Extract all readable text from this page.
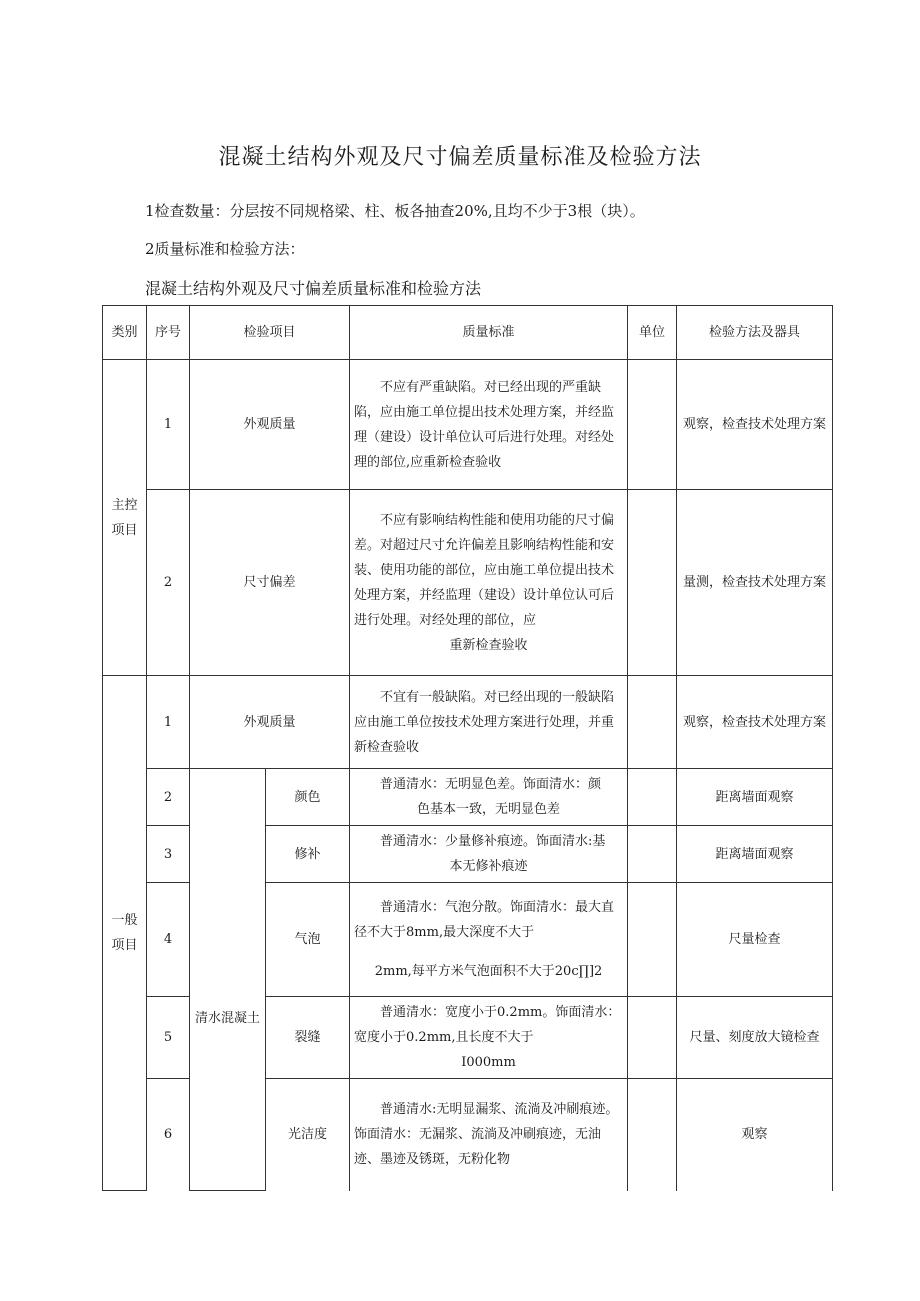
混凝土结构外观及尺寸偏差质量标准及检验方法
1检查数量：分层按不同规格梁、柱、板各抽查20%,且均不少于3根（块）。
2质量标准和检验方法：
混凝土结构外观及尺寸偏差质量标准和检验方法
类别	序号	检验项目		质量标准	单位	检验方法及器具
主控项目	1	外观质量		不应有严重缺陷。对已经出现的严重缺陷，应由施工单位提出技术处理方案，并经监理（建设）设计单位认可后进行处理。对经处理的部位,应重新检查验收		观察，检查技术处理方案
	2	尺寸偏差		不应有影响结构性能和使用功能的尺寸偏差。对超过尺寸允许偏差且影响结构性能和安装、使用功能的部位，应由施工单位提出技术处理方案，并经监理（建设）设计单位认可后进行处理。对经处理的部位，应
重新检查验收		量测，检查技术处理方案
一般项目	1	外观质量		不宜有一般缺陷。对已经出现的一般缺陷应由施工单位按技术处理方案进行处理，并重新检查验收		观察，检查技术处理方案
	2	清水混凝土	颜色	普通清水：无明显色差。饰面清水：颜
色基本一致，无明显色差		距离墙面观察
	3		修补	普通清水：少量修补痕迹。饰面清水:基
本无修补痕迹		距离墙面观察
	4		气泡	普通清水：气泡分散。饰面清水：最大直径不大于8mm,最大深度不大于
2mm,每平方米气泡面积不大于20c∏]2		尺量检查
	5		裂缝	普通清水：宽度小于0.2mm。饰面清水：宽度小于0.2mm,且长度不大于
I000mm		尺量、刻度放大镜检查
	6		光洁度	普通清水:无明显漏浆、流淌及冲刷痕迹。饰面清水：无漏浆、流淌及冲刷痕迹，无油迹、墨迹及锈斑，无粉化物		观察
